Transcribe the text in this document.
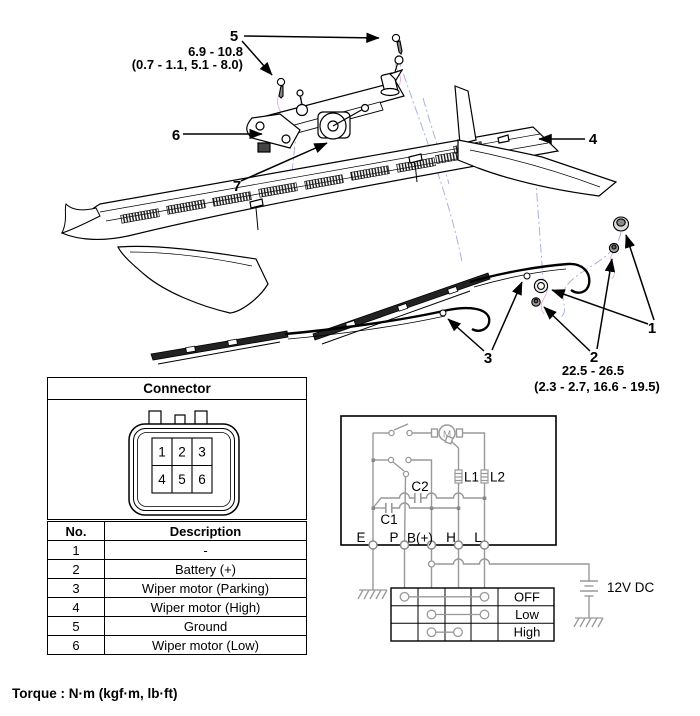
5
6
7
4
1
2
3
6.9 - 10.8
(0.7 - 1.1, 5.1 - 8.0)
22.5 - 26.5
(2.3 - 2.7, 16.6 - 19.5)
M
C2
C1
L1 L2
E P B(+) H L
12V DC
OFF
Low
High
Connector
1 2 3
4 5 6
No.	Description
1	-
2	Battery (+)
3	Wiper motor (Parking)
4	Wiper motor (High)
5	Ground
6	Wiper motor (Low)
Torque : N·m (kgf·m, lb·ft)
